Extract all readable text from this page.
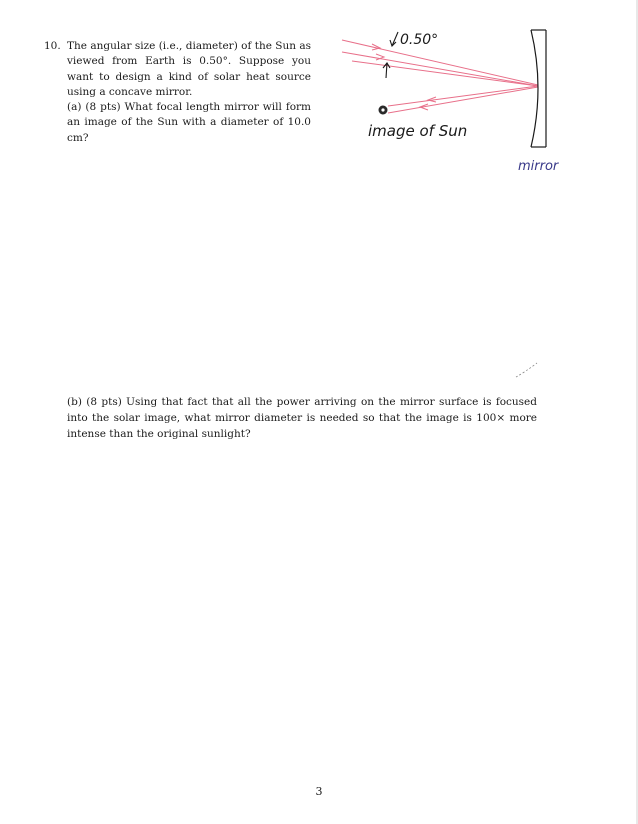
10. The angular size (i.e., diameter) of the Sun as viewed from Earth is 0.50°. Suppose you want to design a kind of solar heat source using a concave mirror.
(a) (8 pts) What focal length mirror will form an image of the Sun with a diameter of 10.0 cm?
0.50°
image of Sun
mirror
(b) (8 pts) Using that fact that all the power arriving on the mirror surface is focused into the solar image, what mirror diameter is needed so that the image is 100× more intense than the original sunlight?
3
